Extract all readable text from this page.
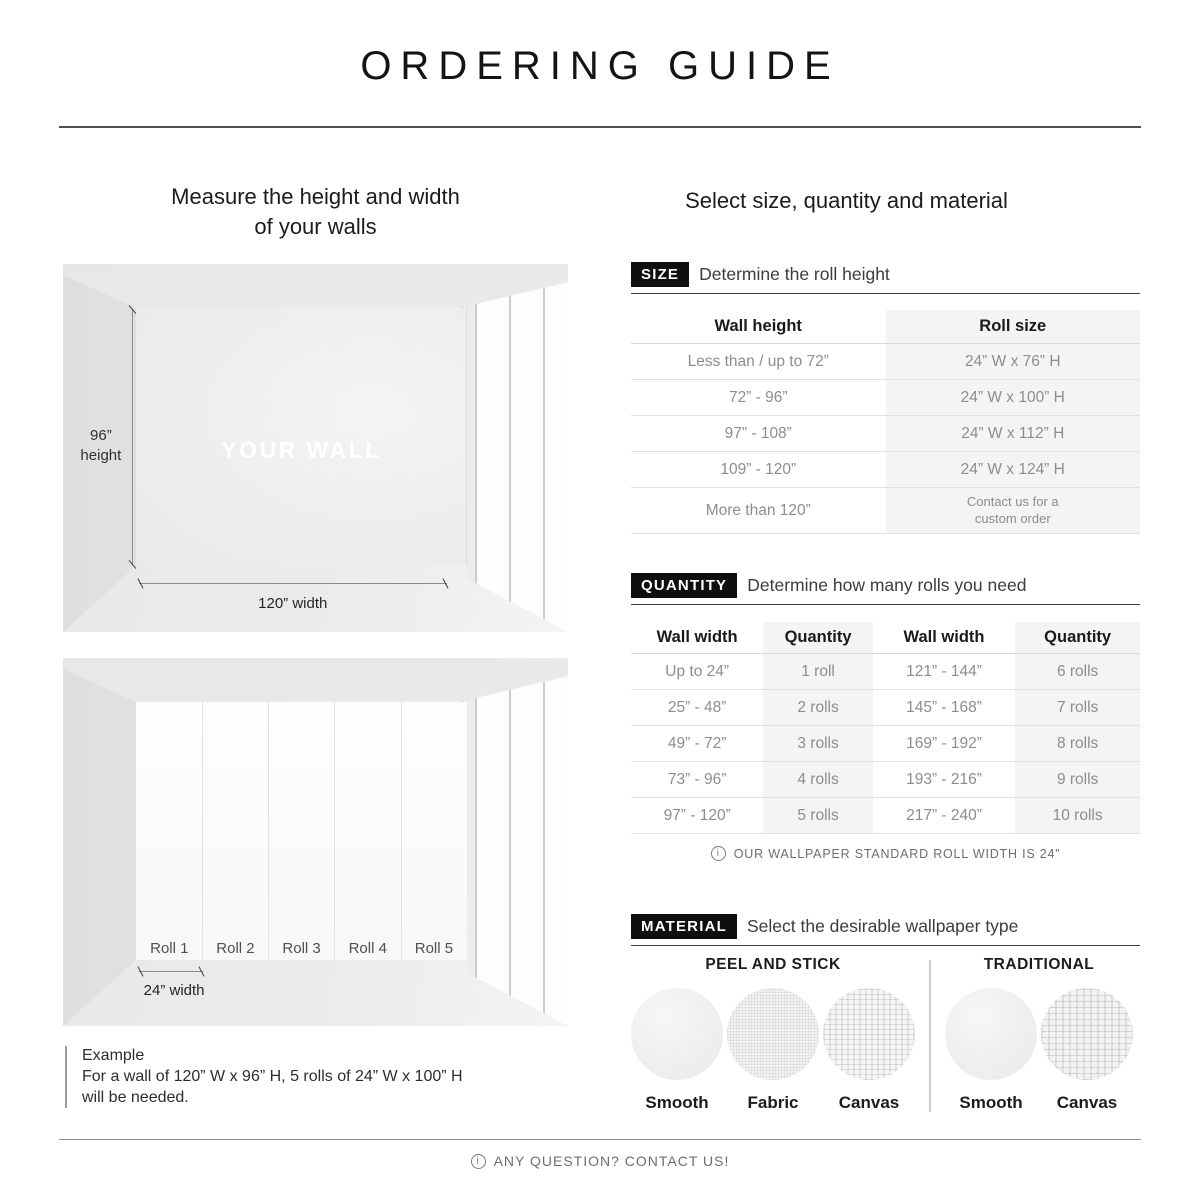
ORDERING GUIDE
Measure the height and width
of your walls
96”
height	YOUR WALL
120” width
Roll 1	Roll 2	Roll 3	Roll 4	Roll 5
24” width
Example
For a wall of 120” W x 96” H, 5 rolls of 24” W x 100” H
will be needed.
Select size, quantity and material
SIZE	Determine the roll height
Wall height	Roll size
Less than / up to 72”	24” W x 76” H
72” - 96”	24” W x 100” H
97” - 108”	24” W x 112” H
109” - 120”	24” W x 124” H
More than 120”	Contact us for a custom order
QUANTITY	Determine how many rolls you need
Wall width	Quantity	Wall width	Quantity
Up to 24”	1 roll	121” - 144”	6 rolls
25” - 48”	2 rolls	145” - 168”	7 rolls
49” - 72”	3 rolls	169” - 192”	8 rolls
73” - 96”	4 rolls	193” - 216”	9 rolls
97” - 120”	5 rolls	217” - 240”	10 rolls
i	OUR WALLPAPER STANDARD ROLL WIDTH IS 24”
MATERIAL	Select the desirable wallpaper type
PEEL AND STICK
Smooth Fabric Canvas
TRADITIONAL
Smooth Canvas
i ANY QUESTION? CONTACT US!
